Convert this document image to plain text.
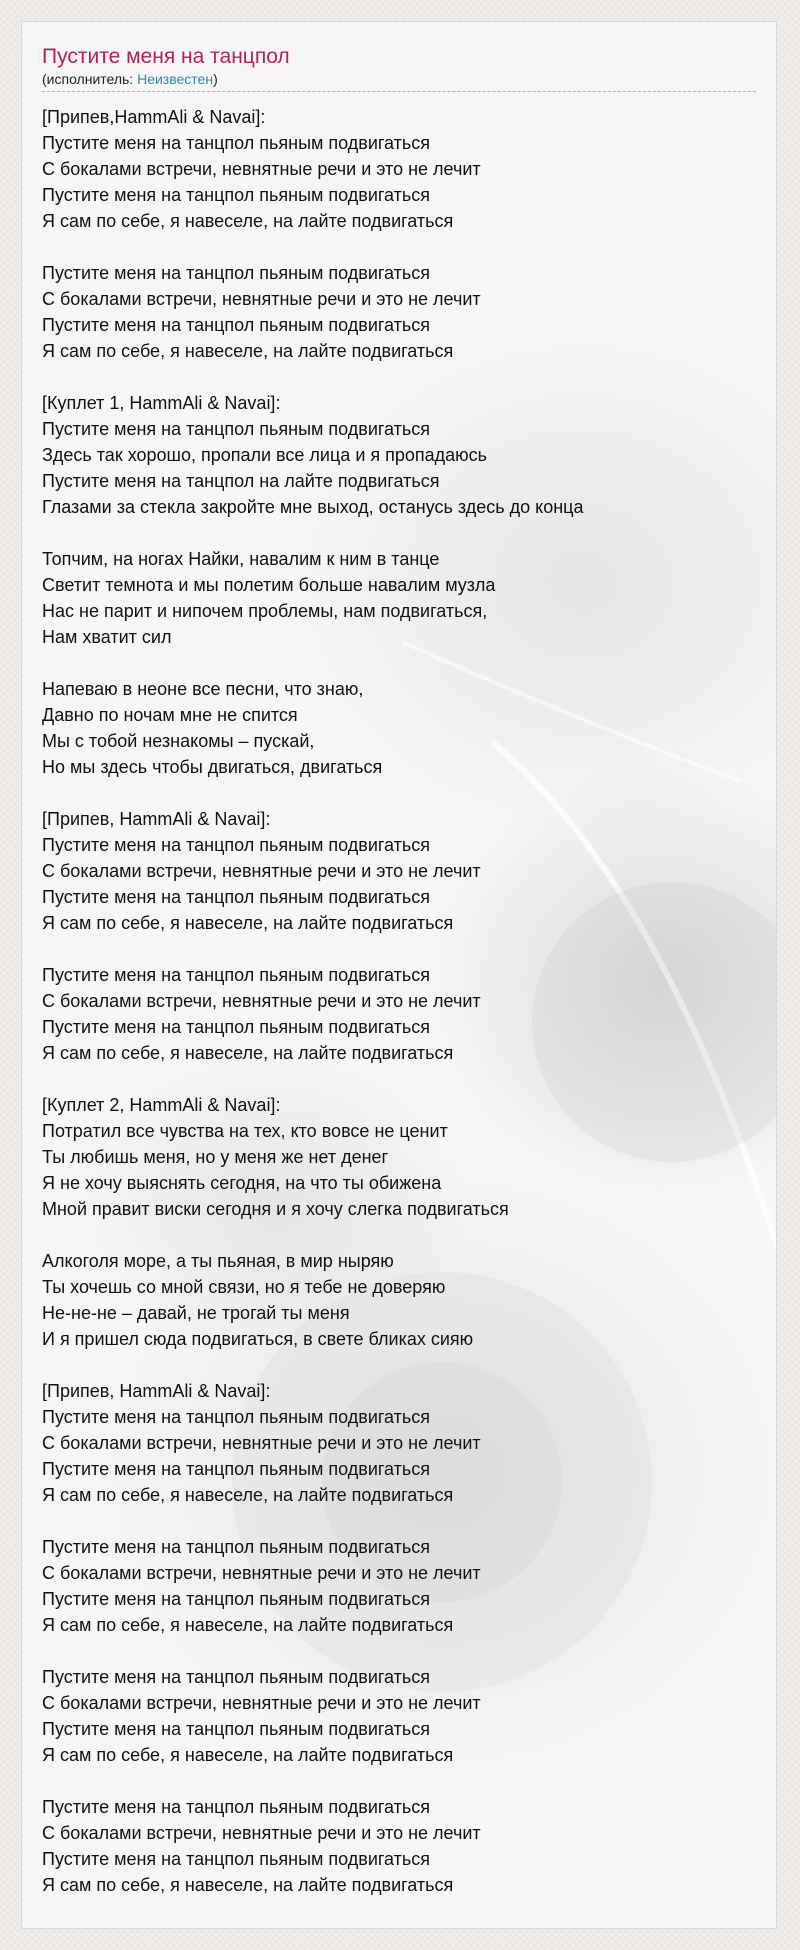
Пустите меня на танцпол
(исполнитель: Неизвестен)
[Припев,HammAli & Navai]:
Пустите меня на танцпол пьяным подвигаться
С бокалами встречи, невнятные речи и это не лечит
Пустите меня на танцпол пьяным подвигаться
Я сам по себе, я навеселе, на лайте подвигаться
Пустите меня на танцпол пьяным подвигаться
С бокалами встречи, невнятные речи и это не лечит
Пустите меня на танцпол пьяным подвигаться
Я сам по себе, я навеселе, на лайте подвигаться
[Куплет 1, HammAli & Navai]:
Пустите меня на танцпол пьяным подвигаться
Здесь так хорошо, пропали все лица и я пропадаюсь
Пустите меня на танцпол на лайте подвигаться
Глазами за стекла закройте мне выход, останусь здесь до конца
Топчим, на ногах Найки, навалим к ним в танце
Светит темнота и мы полетим больше навалим музла
Нас не парит и нипочем проблемы, нам подвигаться,
Нам хватит сил
Напеваю в неоне все песни, что знаю,
Давно по ночам мне не спится
Мы с тобой незнакомы – пускай,
Но мы здесь чтобы двигаться, двигаться
[Припев, HammAli & Navai]:
Пустите меня на танцпол пьяным подвигаться
С бокалами встречи, невнятные речи и это не лечит
Пустите меня на танцпол пьяным подвигаться
Я сам по себе, я навеселе, на лайте подвигаться
Пустите меня на танцпол пьяным подвигаться
С бокалами встречи, невнятные речи и это не лечит
Пустите меня на танцпол пьяным подвигаться
Я сам по себе, я навеселе, на лайте подвигаться
[Куплет 2, HammAli & Navai]:
Потратил все чувства на тех, кто вовсе не ценит
Ты любишь меня, но у меня же нет денег
Я не хочу выяснять сегодня, на что ты обижена
Мной правит виски сегодня и я хочу слегка подвигаться
Алкоголя море, а ты пьяная, в мир ныряю
Ты хочешь со мной связи, но я тебе не доверяю
Не-не-не – давай, не трогай ты меня
И я пришел сюда подвигаться, в свете бликах сияю
[Припев, HammAli & Navai]:
Пустите меня на танцпол пьяным подвигаться
С бокалами встречи, невнятные речи и это не лечит
Пустите меня на танцпол пьяным подвигаться
Я сам по себе, я навеселе, на лайте подвигаться
Пустите меня на танцпол пьяным подвигаться
С бокалами встречи, невнятные речи и это не лечит
Пустите меня на танцпол пьяным подвигаться
Я сам по себе, я навеселе, на лайте подвигаться
Пустите меня на танцпол пьяным подвигаться
С бокалами встречи, невнятные речи и это не лечит
Пустите меня на танцпол пьяным подвигаться
Я сам по себе, я навеселе, на лайте подвигаться
Пустите меня на танцпол пьяным подвигаться
С бокалами встречи, невнятные речи и это не лечит
Пустите меня на танцпол пьяным подвигаться
Я сам по себе, я навеселе, на лайте подвигаться
